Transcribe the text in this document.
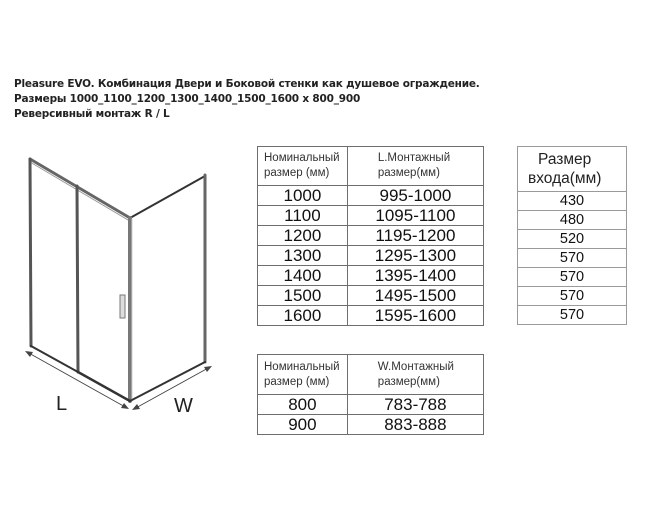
Pleasure EVO. Комбинация Двери и Боковой стенки как душевое ограждение.
Размеры 1000_1100_1200_1300_1400_1500_1600 x 800_900
Реверсивный монтаж R / L
L	W
Номинальный
размер (мм)

L.Монтажный
размер(мм)

1000	995-1000
1100	1095-1100
1200	1195-1200
1300	1295-1300
1400	1395-1400
1500	1495-1500
1600	1595-1600
Размер
входа(мм)

430
480
520
570
570
570
570
Номинальный
размер (мм)

W.Монтажный
размер(мм)

800	783-788
900	883-888
